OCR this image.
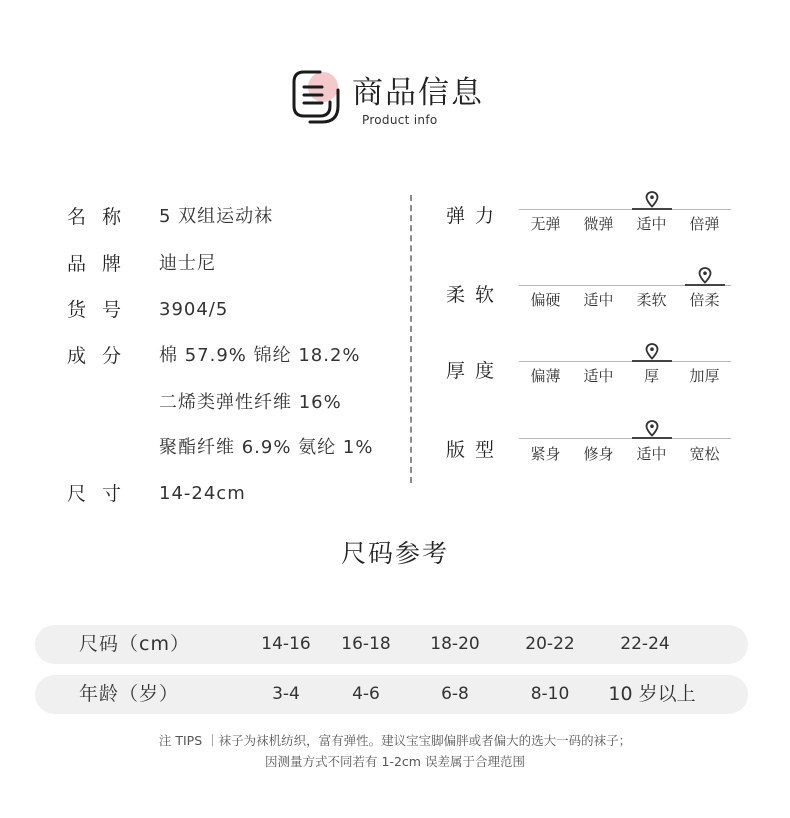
商品信息
Product info
名称 5 双组运动袜
品牌 迪士尼
货号 3904/5
成分 棉 57.9% 锦纶 18.2%
二烯类弹性纤维 16%
聚酯纤维 6.9% 氨纶 1%
尺寸 14-24cm
弹力	无弹	微弹	适中	倍弹
柔软	偏硬	适中	柔软	倍柔
厚度	偏薄	适中	厚	加厚
版型	紧身	修身	适中	宽松
尺码参考
尺码（cm）	14-16	16-18	18-20	20-22	22-24
年龄（岁）	3-4	4-6	6-8	8-10	10 岁以上
注 TIPS ｜袜子为袜机纺织，富有弹性。建议宝宝脚偏胖或者偏大的选大一码的袜子；
因测量方式不同若有 1-2cm 误差属于合理范围
